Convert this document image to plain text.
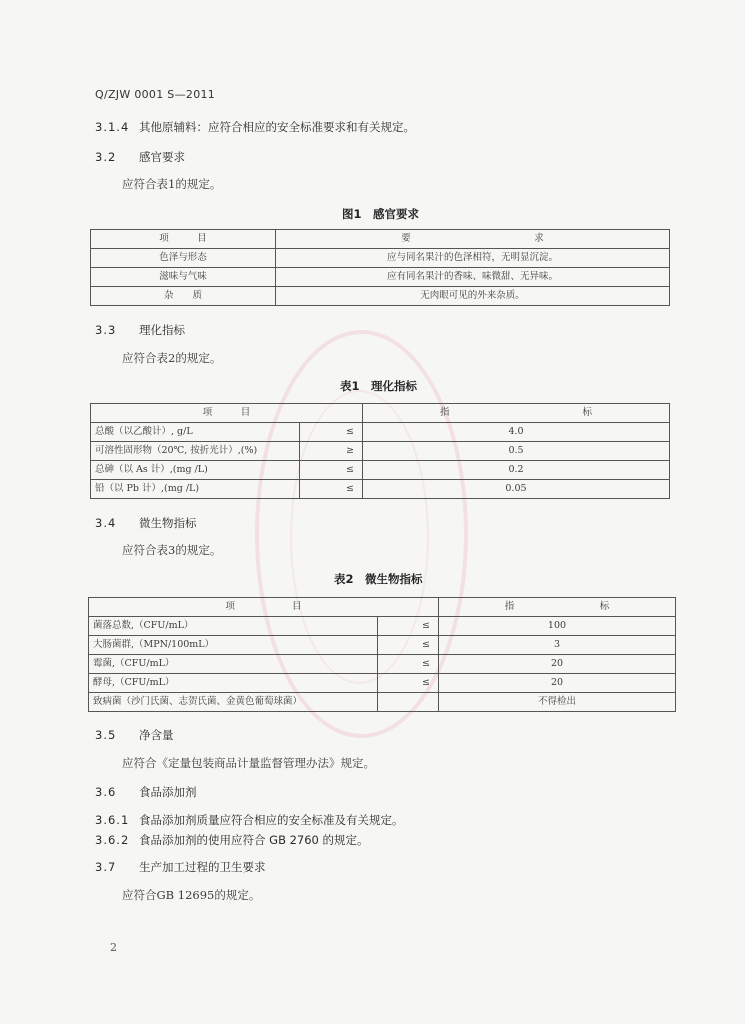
Q/ZJW 0001 S—2011
3.1.4 其他原辅料：应符合相应的安全标准要求和有关规定。
3.2 感官要求
应符合表1的规定。
图1　感官要求
项　　　目	要　　　　　　　　　　　　　求
色泽与形态	应与同名果汁的色泽相符，无明显沉淀。
滋味与气味	应有同名果汁的香味、味微甜、无异味。
杂　　质	无肉眼可见的外来杂质。
3.3 理化指标
应符合表2的规定。
表1　理化指标
项　　　目		指　　　　　　　　　　　　　　标
总酸（以乙酸计）, g/L	≤	4.0
可溶性固形物（20℃, 按折光计）,(%)	≥	0.5
总砷（以 As 计）,(mg /L)	≤	0.2
铅（以 Pb 计）,(mg /L)	≤	0.05
3.4 微生物指标
应符合表3的规定。
表2　微生物指标
项　　　　　　目		指　　　　　　　　　标
菌落总数,（CFU/mL）	≤	100
大肠菌群,（MPN/100mL）	≤	3
霉菌,（CFU/mL）	≤	20
酵母,（CFU/mL）	≤	20
致病菌（沙门氏菌、志贺氏菌、金黄色葡萄球菌）		不得检出
3.5 净含量
应符合《定量包装商品计量监督管理办法》规定。
3.6 食品添加剂
3.6.1 食品添加剂质量应符合相应的安全标准及有关规定。
3.6.2 食品添加剂的使用应符合 GB 2760 的规定。
3.7 生产加工过程的卫生要求
应符合GB 12695的规定。
2
